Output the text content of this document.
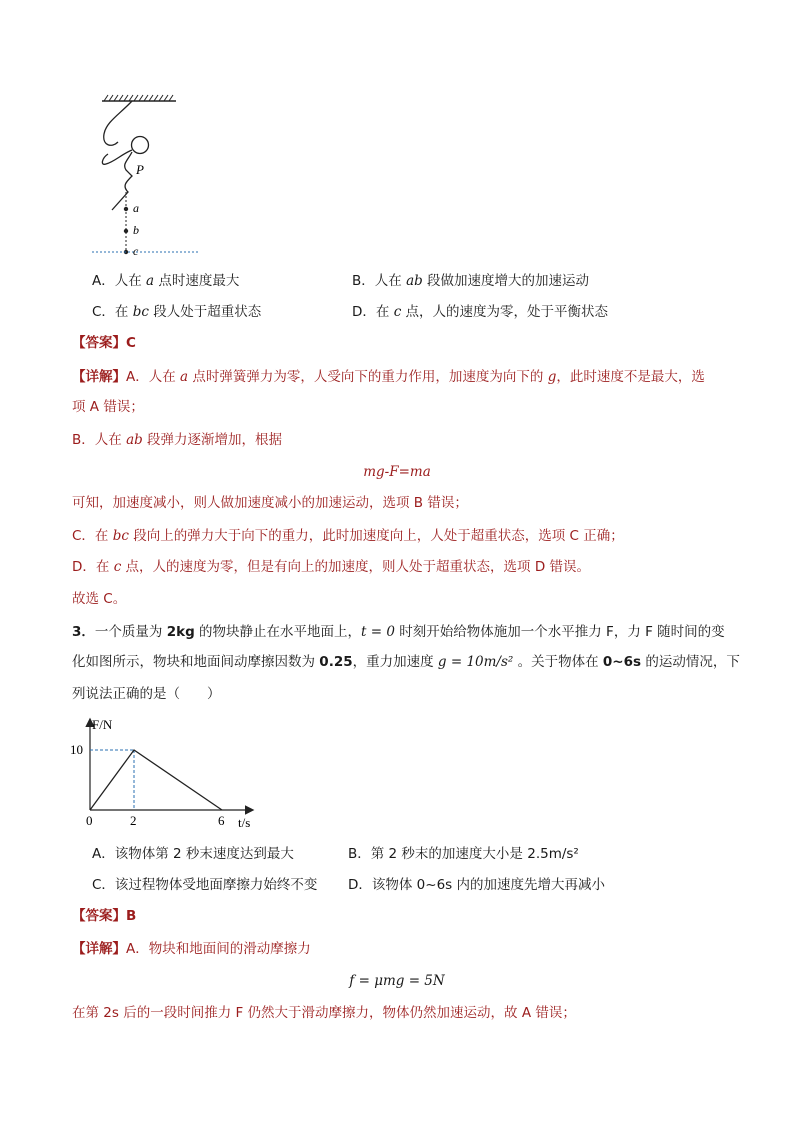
P
a
b
c
A．人在 a 点时速度最大	B．人在 ab 段做加速度增大的加速运动
C．在 bc 段人处于超重状态	D．在 c 点，人的速度为零，处于平衡状态
【答案】C
【详解】A．人在 a 点时弹簧弹力为零，人受向下的重力作用，加速度为向下的 g，此时速度不是最大，选
项 A 错误；
B．人在 ab 段弹力逐渐增加，根据
mg-F=ma
可知，加速度减小，则人做加速度减小的加速运动，选项 B 错误；
C．在 bc 段向上的弹力大于向下的重力，此时加速度向上，人处于超重状态，选项 C 正确；
D．在 c 点，人的速度为零，但是有向上的加速度，则人处于超重状态，选项 D 错误。
故选 C。
3．一个质量为 2kg 的物块静止在水平地面上，t = 0 时刻开始给物体施加一个水平推力 F，力 F 随时间的变
化如图所示，物块和地面间动摩擦因数为 0.25，重力加速度 g = 10m/s² 。关于物体在 0~6s 的运动情况，下
列说法正确的是（　　）
0	2	6
10
F/N
t/s
A．该物体第 2 秒末速度达到最大	B．第 2 秒末的加速度大小是 2.5m/s²
C．该过程物体受地面摩擦力始终不变 D．该物体 0~6s 内的加速度先增大再减小
【答案】B
【详解】A．物块和地面间的滑动摩擦力
f = μmg = 5N
在第 2s 后的一段时间推力 F 仍然大于滑动摩擦力，物体仍然加速运动，故 A 错误；
